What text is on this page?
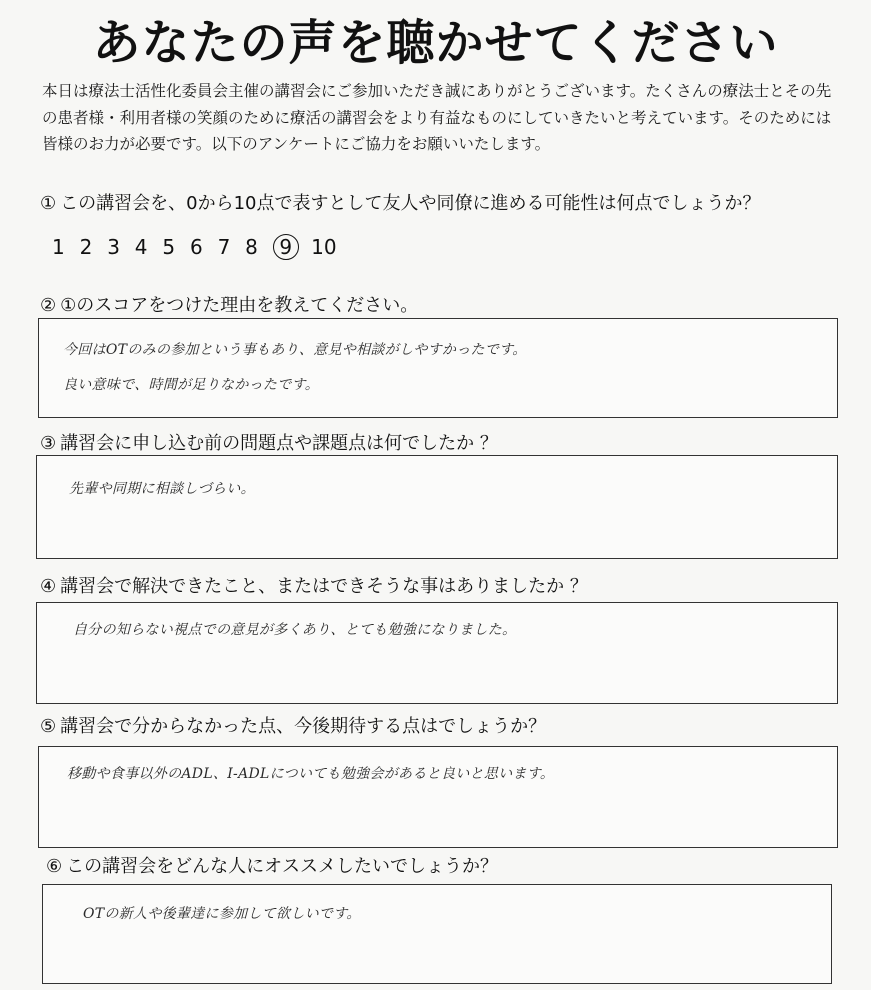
あなたの声を聴かせてください
本日は療法士活性化委員会主催の講習会にご参加いただき誠にありがとうございます。たくさんの療法士とその先の患者様・利用者様の笑顔のために療活の講習会をより有益なものにしていきたいと考えています。そのためには皆様のお力が必要です。以下のアンケートにご協力をお願いいたします。
① この講習会を、0から10点で表すとして友人や同僚に進める可能性は何点でしょうか？
1 2 3 4 5 6 7 8 9 10
② ①のスコアをつけた理由を教えてください。
今回はOTのみの参加という事もあり、意見や相談がしやすかったです。
良い意味で、時間が足りなかったです。
③ 講習会に申し込む前の問題点や課題点は何でしたか ？
先輩や同期に相談しづらい。
④ 講習会で解決できたこと、またはできそうな事はありましたか ？
自分の知らない視点での意見が多くあり、とても勉強になりました。
⑤ 講習会で分からなかった点、今後期待する点はでしょうか？
移動や食事以外のADL、I-ADLについても勉強会があると良いと思います。
⑥ この講習会をどんな人にオススメしたいでしょうか？
OTの新人や後輩達に参加して欲しいです。
